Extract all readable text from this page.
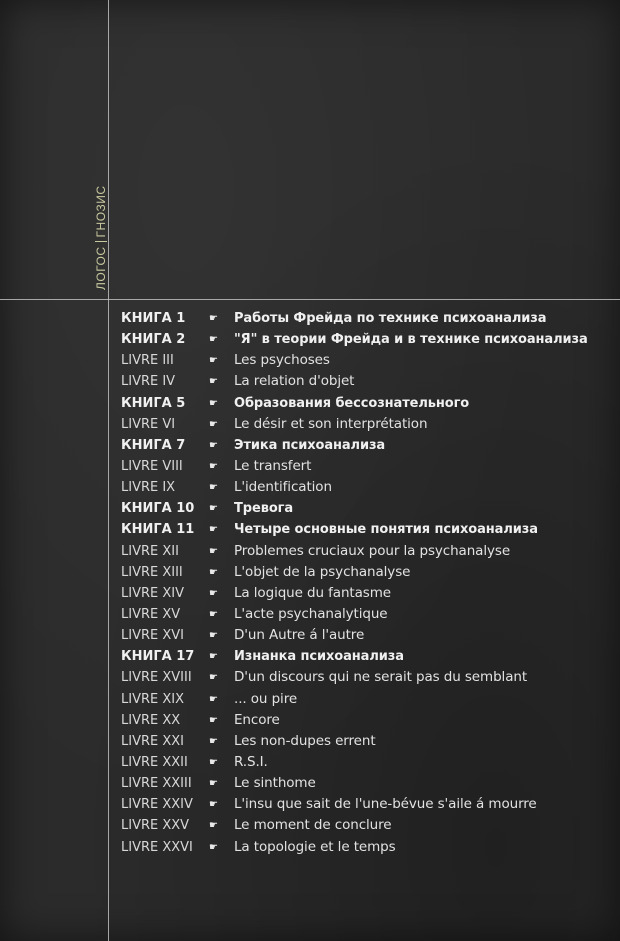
ЛОГОСГНОЗИС
КНИГА 1 ☛ Работы Фрейда по технике психоанализа
КНИГА 2 ☛ "Я" в теории Фрейда и в технике психоанализа
LIVRE III	☛ Les psychoses
LIVRE IV	☛ La relation d'objet
КНИГА 5 ☛ Образования бессознательного
LIVRE VI	☛ Le désir et son interprétation
КНИГА 7 ☛ Этика психоанализа
LIVRE VIII	☛ Le transfert
LIVRE IX	☛ L'identification
КНИГА 10 ☛ Тревога
КНИГА 11 ☛ Четыре основные понятия психоанализа
LIVRE XII	☛ Problemes cruciaux pour la psychanalyse
LIVRE XIII	☛ L'objet de la psychanalyse
LIVRE XIV	☛ La logique du fantasme
LIVRE XV	☛ L'acte psychanalytique
LIVRE XVI	☛ D'un Autre á l'autre
КНИГА 17 ☛ Изнанка психоанализа
LIVRE XVIII ☛ D'un discours qui ne serait pas du semblant
LIVRE XIX	☛ ... ou pire
LIVRE XX	☛ Encore
LIVRE XXI	☛ Les non-dupes errent
LIVRE XXII ☛ R.S.I.
LIVRE XXIII ☛ Le sinthome
LIVRE XXIV ☛ L'insu que sait de l'une-bévue s'aile á mourre
LIVRE XXV ☛ Le moment de conclure
LIVRE XXVI ☛ La topologie et le temps
